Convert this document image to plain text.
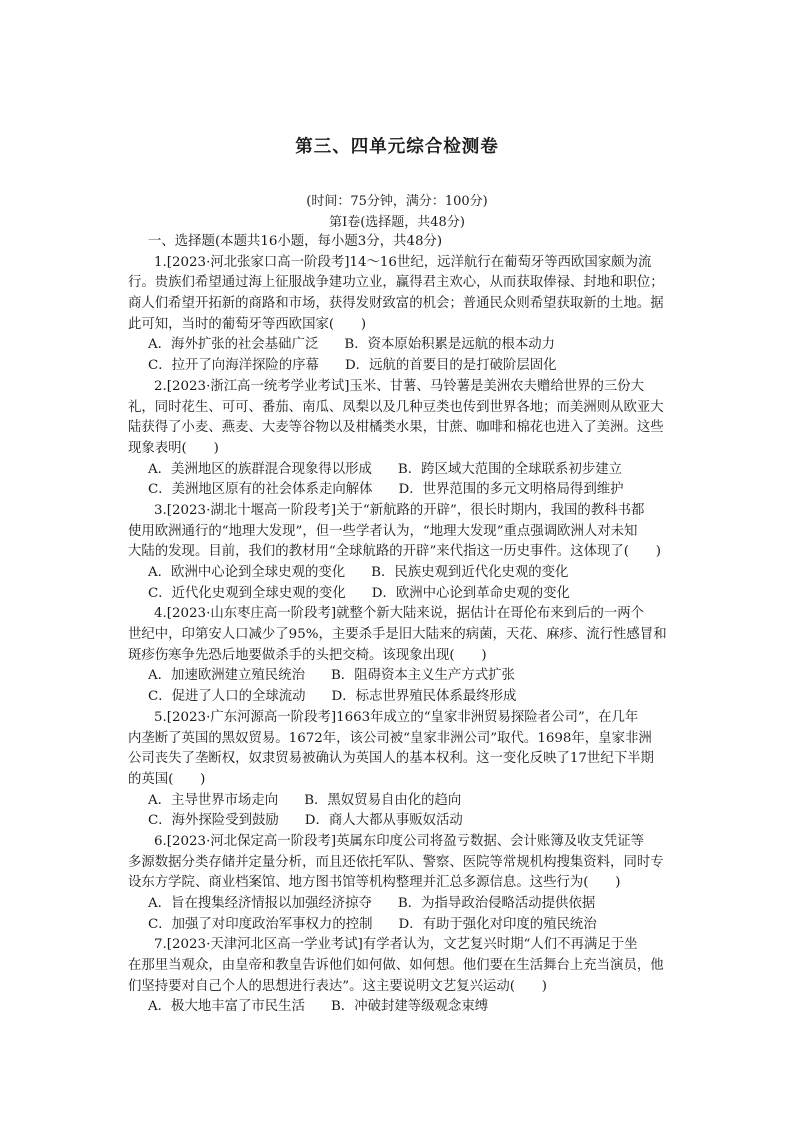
第三、四单元综合检测卷
(时间：75分钟，满分：100分)
第Ⅰ卷(选择题，共48分)
一、选择题(本题共16小题，每小题3分，共48分)
1.[2023·河北张家口高一阶段考]14～16世纪，远洋航行在葡萄牙等西欧国家颇为流
行。贵族们希望通过海上征服战争建功立业，赢得君主欢心，从而获取俸禄、封地和职位；
商人们希望开拓新的商路和市场，获得发财致富的机会；普通民众则希望获取新的土地。据
此可知，当时的葡萄牙等西欧国家(　　)
A．海外扩张的社会基础广泛 B．资本原始积累是远航的根本动力
C．拉开了向海洋探险的序幕 D．远航的首要目的是打破阶层固化
2.[2023·浙江高一统考学业考试]玉米、甘薯、马铃薯是美洲农夫赠给世界的三份大
礼，同时花生、可可、番茄、南瓜、凤梨以及几种豆类也传到世界各地；而美洲则从欧亚大
陆获得了小麦、燕麦、大麦等谷物以及柑橘类水果，甘蔗、咖啡和棉花也进入了美洲。这些
现象表明(　　)
A．美洲地区的族群混合现象得以形成 B．跨区域大范围的全球联系初步建立
C．美洲地区原有的社会体系走向解体 D．世界范围的多元文明格局得到维护
3.[2023·湖北十堰高一阶段考]关于“新航路的开辟”，很长时期内，我国的教科书都
使用欧洲通行的“地理大发现”，但一些学者认为，“地理大发现”重点强调欧洲人对未知
大陆的发现。目前，我们的教材用“全球航路的开辟”来代指这一历史事件。这体现了(　　)
A．欧洲中心论到全球史观的变化 B．民族史观到近代化史观的变化
C．近代化史观到全球史观的变化 D．欧洲中心论到革命史观的变化
4.[2023·山东枣庄高一阶段考]就整个新大陆来说，据估计在哥伦布来到后的一两个
世纪中，印第安人口减少了95%，主要杀手是旧大陆来的病菌，天花、麻疹、流行性感冒和
斑疹伤寒争先恐后地要做杀手的头把交椅。该现象出现(　　)
A．加速欧洲建立殖民统治 B．阻碍资本主义生产方式扩张
C．促进了人口的全球流动 D．标志世界殖民体系最终形成
5.[2023·广东河源高一阶段考]1663年成立的“皇家非洲贸易探险者公司”，在几年
内垄断了英国的黑奴贸易。1672年，该公司被“皇家非洲公司”取代。1698年，皇家非洲
公司丧失了垄断权，奴隶贸易被确认为英国人的基本权利。这一变化反映了17世纪下半期
的英国(　　)
A．主导世界市场走向 B．黑奴贸易自由化的趋向
C．海外探险受到鼓励 D．商人大都从事贩奴活动
6.[2023·河北保定高一阶段考]英属东印度公司将盈亏数据、会计账簿及收支凭证等
多源数据分类存储并定量分析，而且还依托军队、警察、医院等常规机构搜集资料，同时专
设东方学院、商业档案馆、地方图书馆等机构整理并汇总多源信息。这些行为(　　)
A．旨在搜集经济情报以加强经济掠夺 B．为指导政治侵略活动提供依据
C．加强了对印度政治军事权力的控制 D．有助于强化对印度的殖民统治
7.[2023·天津河北区高一学业考试]有学者认为，文艺复兴时期“人们不再满足于坐
在那里当观众，由皇帝和教皇告诉他们如何做、如何想。他们要在生活舞台上充当演员，他
们坚持要对自己个人的思想进行表达”。这主要说明文艺复兴运动(　　)
A．极大地丰富了市民生活 B．冲破封建等级观念束缚
